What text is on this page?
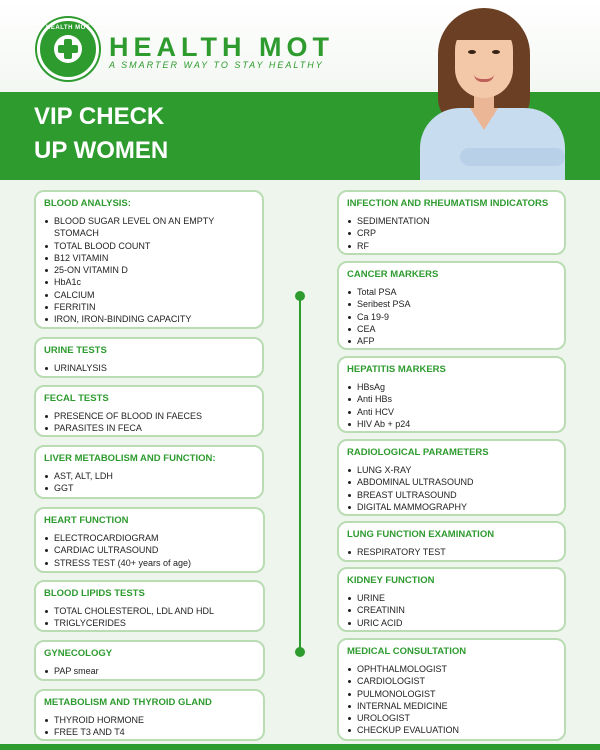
HEALTH MOT
HEALTH MOT
A SMARTER WAY TO STAY HEALTHY
VIP CHECK
UP WOMEN
BLOOD ANALYSIS:
BLOOD SUGAR LEVEL ON AN EMPTY STOMACH
TOTAL BLOOD COUNT
B12 VITAMIN
25-ON VITAMIN D
HbA1c
CALCIUM
FERRITIN
IRON, IRON-BINDING CAPACITY
URINE TESTS
URINALYSIS
FECAL TESTS
PRESENCE OF BLOOD IN FAECES
PARASITES IN FECA
LIVER METABOLISM AND FUNCTION:
AST, ALT, LDH
GGT
HEART FUNCTION
ELECTROCARDIOGRAM
CARDIAC ULTRASOUND
STRESS TEST (40+ years of age)
BLOOD LIPIDS TESTS
TOTAL CHOLESTEROL, LDL AND HDL
TRIGLYCERIDES
GYNECOLOGY
PAP smear
METABOLISM AND THYROID GLAND
THYROID HORMONE
FREE T3 AND T4
INFECTION AND RHEUMATISM INDICATORS
SEDIMENTATION
CRP
RF
CANCER MARKERS
Total PSA
Seribest PSA
Ca 19-9
CEA
AFP
HEPATITIS MARKERS
HBsAg
Anti HBs
Anti HCV
HIV Ab + p24
RADIOLOGICAL PARAMETERS
LUNG X-RAY
ABDOMINAL ULTRASOUND
BREAST ULTRASOUND
DIGITAL MAMMOGRAPHY
LUNG FUNCTION EXAMINATION
RESPIRATORY TEST
KIDNEY FUNCTION
URINE
CREATININ
URIC ACID
MEDICAL CONSULTATION
OPHTHALMOLOGIST
CARDIOLOGIST
PULMONOLOGIST
INTERNAL MEDICINE
UROLOGIST
CHECKUP EVALUATION
